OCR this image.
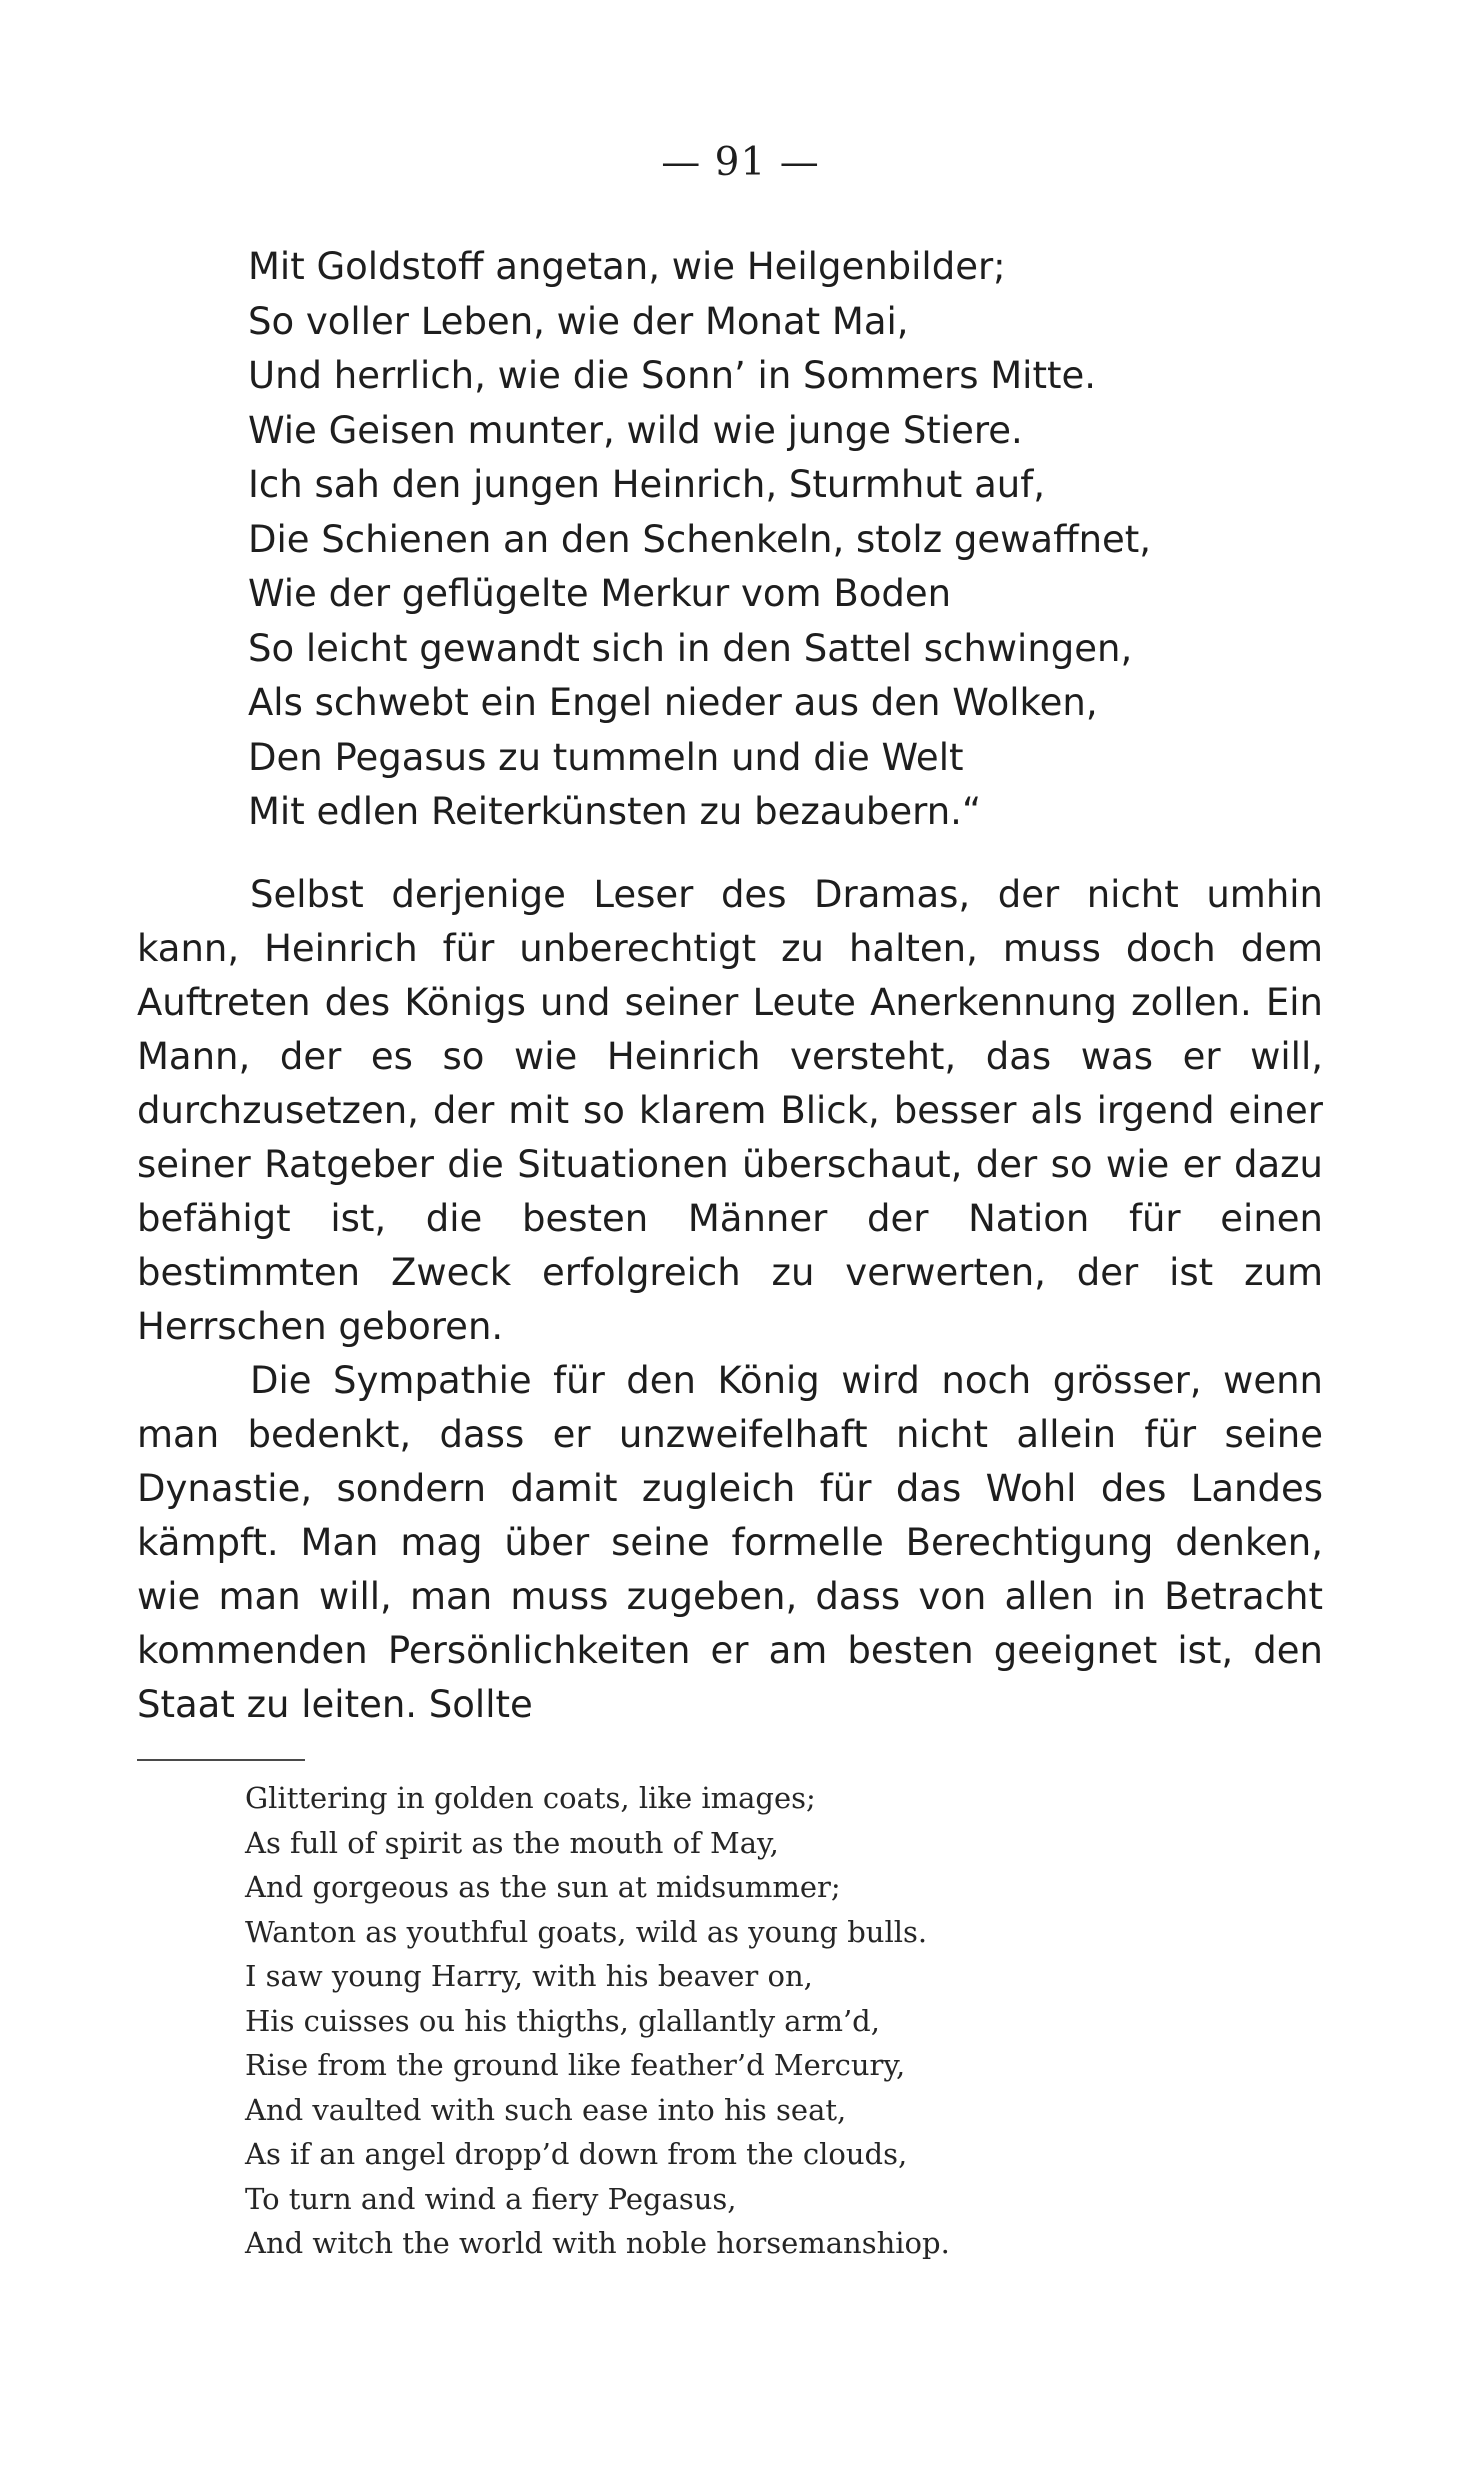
— 91 —
Mit Goldstoff angetan, wie Heilgenbilder;
So voller Leben, wie der Monat Mai,
Und herrlich, wie die Sonn’ in Sommers Mitte.
Wie Geisen munter, wild wie junge Stiere.
Ich sah den jungen Heinrich, Sturmhut auf,
Die Schienen an den Schenkeln, stolz gewaffnet,
Wie der geflügelte Merkur vom Boden
So leicht gewandt sich in den Sattel schwingen,
Als schwebt ein Engel nieder aus den Wolken,
Den Pegasus zu tummeln und die Welt
Mit edlen Reiterkünsten zu bezaubern.“

Selbst derjenige Leser des Dramas, der nicht umhin kann, Heinrich für unberechtigt zu halten, muss doch dem Auftreten des Königs und seiner Leute Anerkennung zollen. Ein Mann, der es so wie Heinrich versteht, das was er will, durchzusetzen, der mit so klarem Blick, besser als irgend einer seiner Ratgeber die Situationen überschaut, der so wie er dazu befähigt ist, die besten Männer der Nation für einen bestimmten Zweck erfolgreich zu verwerten, der ist zum Herrschen geboren.

Die Sympathie für den König wird noch grösser, wenn man bedenkt, dass er unzweifelhaft nicht allein für seine Dynastie, sondern damit zugleich für das Wohl des Landes kämpft. Man mag über seine formelle Berechtigung denken, wie man will, man muss zugeben, dass von allen in Betracht kommenden Persönlichkeiten er am besten geeignet ist, den Staat zu leiten. Sollte

Glittering in golden coats, like images;
As full of spirit as the mouth of May,
And gorgeous as the sun at midsummer;
Wanton as youthful goats, wild as young bulls.
I saw young Harry, with his beaver on,
His cuisses ou his thigths, glallantly arm’d,
Rise from the ground like feather’d Mercury,
And vaulted with such ease into his seat,
As if an angel dropp’d down from the clouds,
To turn and wind a fiery Pegasus,
And witch the world with noble horsemanshiop.
